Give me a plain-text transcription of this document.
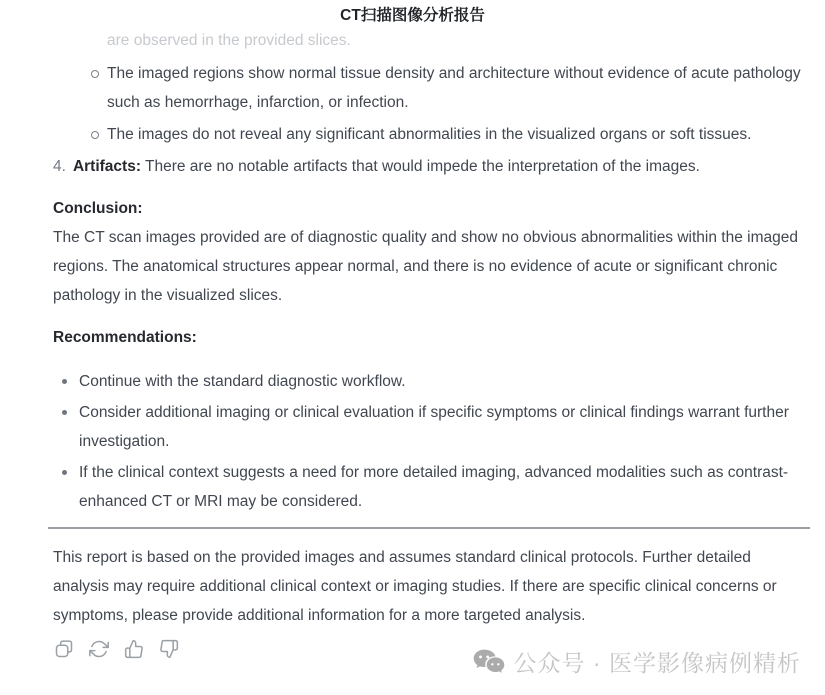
CT扫描图像分析报告
are observed in the provided slices.
The imaged regions show normal tissue density and architecture without evidence of acute pathology such as hemorrhage, infarction, or infection.
The images do not reveal any significant abnormalities in the visualized organs or soft tissues.
4. Artifacts: There are no notable artifacts that would impede the interpretation of the images.
Conclusion:

The CT scan images provided are of diagnostic quality and show no obvious abnormalities within the imaged regions. The anatomical structures appear normal, and there is no evidence of acute or significant chronic pathology in the visualized slices.

Recommendations:
Continue with the standard diagnostic workflow.
Consider additional imaging or clinical evaluation if specific symptoms or clinical findings warrant further investigation.
If the clinical context suggests a need for more detailed imaging, advanced modalities such as contrast-enhanced CT or MRI may be considered.

This report is based on the provided images and assumes standard clinical protocols. Further detailed analysis may require additional clinical context or imaging studies. If there are specific clinical concerns or symptoms, please provide additional information for a more targeted analysis.

公众号 · 医学影像病例精析
